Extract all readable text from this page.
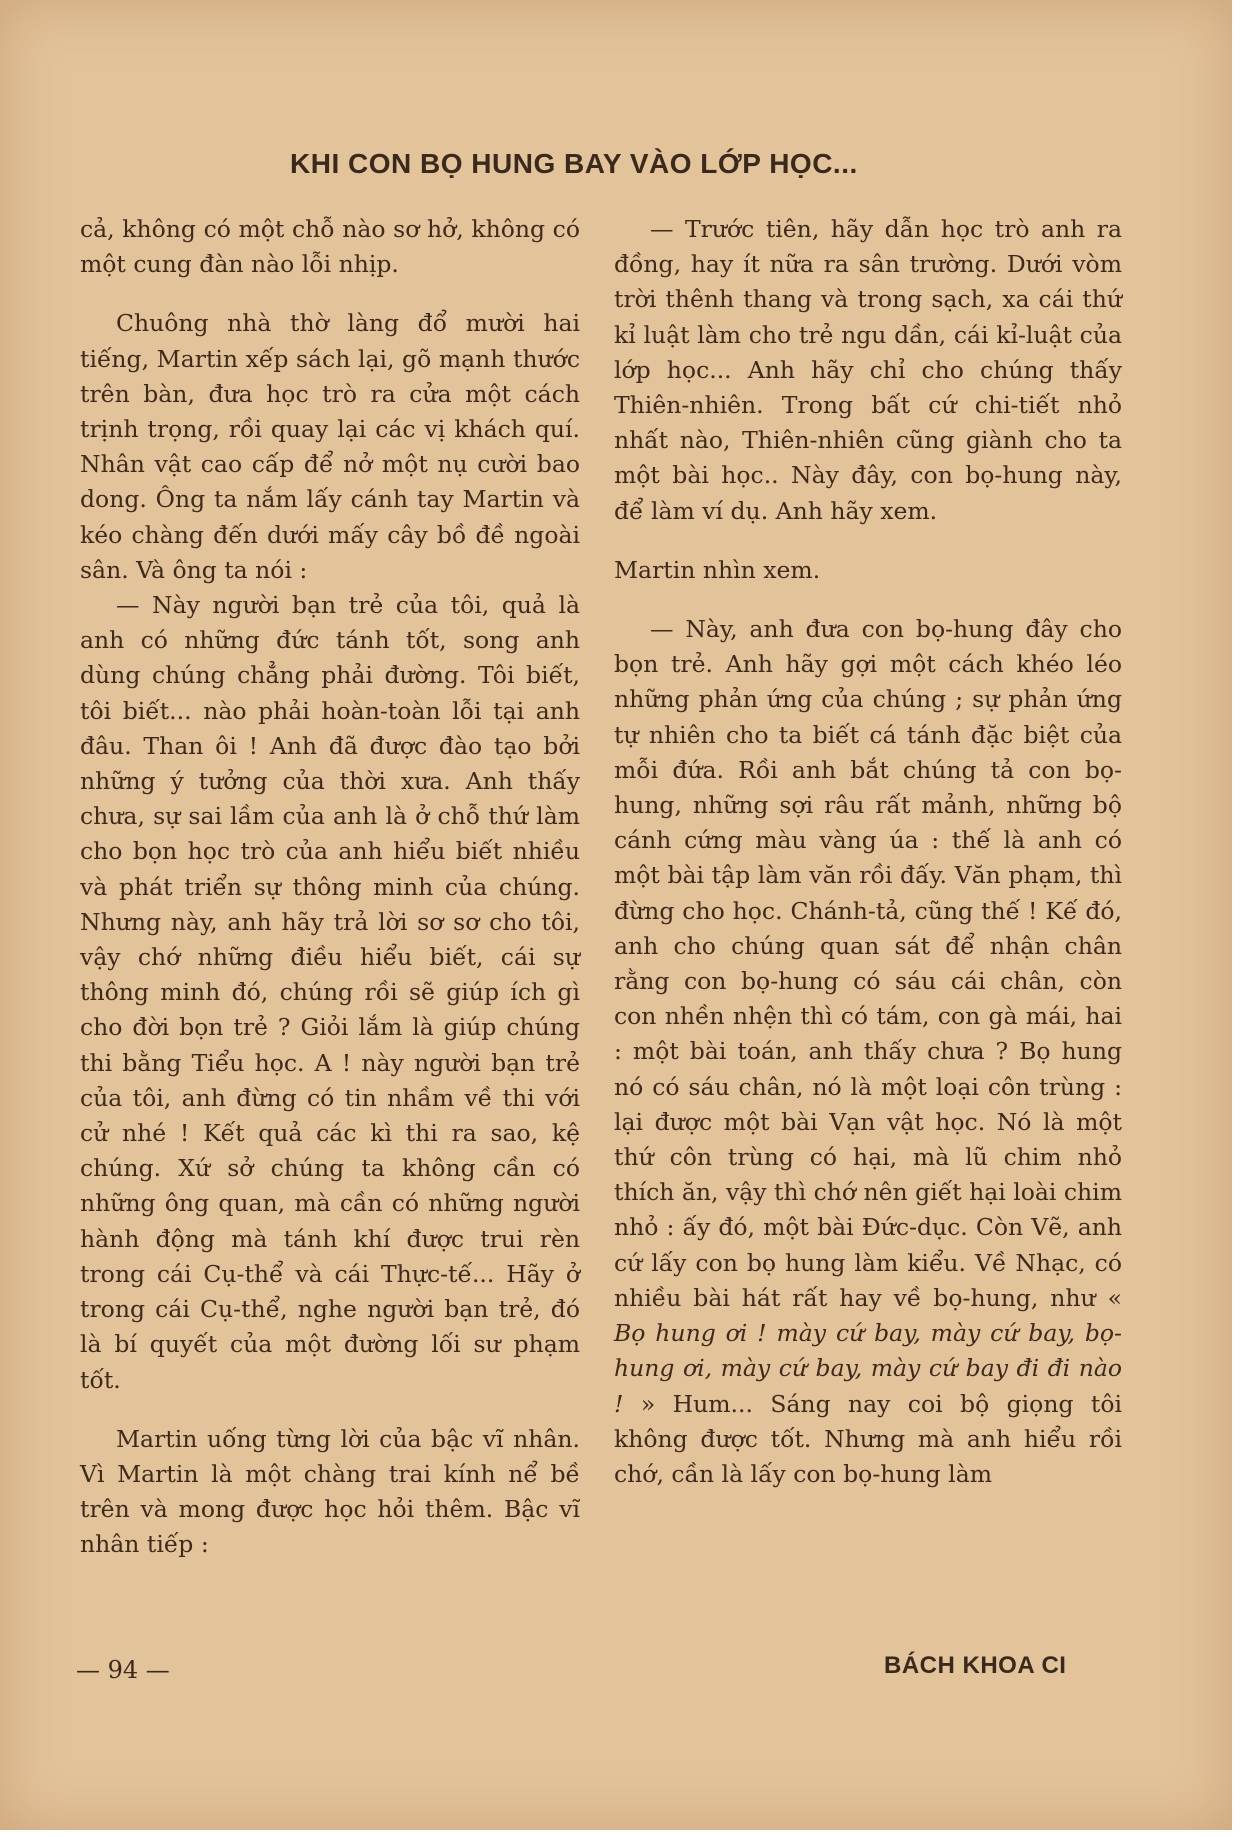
KHI CON BỌ HUNG BAY VÀO LỚP HỌC...

cả, không có một chỗ nào sơ hở, không có một cung đàn nào lỗi nhịp.

Chuông nhà thờ làng đổ mười hai tiếng, Martin xếp sách lại, gõ mạnh thước trên bàn, đưa học trò ra cửa một cách trịnh trọng, rồi quay lại các vị khách quí. Nhân vật cao cấp để nở một nụ cười bao dong. Ông ta nắm lấy cánh tay Martin và kéo chàng đến dưới mấy cây bồ đề ngoài sân. Và ông ta nói :

— Này người bạn trẻ của tôi, quả là anh có những đức tánh tốt, song anh dùng chúng chẳng phải đường. Tôi biết, tôi biết... nào phải hoàn-toàn lỗi tại anh đâu. Than ôi ! Anh đã được đào tạo bởi những ý tưởng của thời xưa. Anh thấy chưa, sự sai lầm của anh là ở chỗ thứ làm cho bọn học trò của anh hiểu biết nhiều và phát triển sự thông minh của chúng. Nhưng này, anh hãy trả lời sơ sơ cho tôi, vậy chớ những điều hiểu biết, cái sự thông minh đó, chúng rồi sẽ giúp ích gì cho đời bọn trẻ ? Giỏi lắm là giúp chúng thi bằng Tiểu học. A ! này người bạn trẻ của tôi, anh đừng có tin nhầm về thi với cử nhé ! Kết quả các kì thi ra sao, kệ chúng. Xứ sở chúng ta không cần có những ông quan, mà cần có những người hành động mà tánh khí được trui rèn trong cái Cụ-thể và cái Thực-tế... Hãy ở trong cái Cụ-thể, nghe người bạn trẻ, đó là bí quyết của một đường lối sư phạm tốt.

Martin uống từng lời của bậc vĩ nhân. Vì Martin là một chàng trai kính nể bề trên và mong được học hỏi thêm. Bậc vĩ nhân tiếp :

— Trước tiên, hãy dẫn học trò anh ra đồng, hay ít nữa ra sân trường. Dưới vòm trời thênh thang và trong sạch, xa cái thứ kỉ luật làm cho trẻ ngu dần, cái kỉ-luật của lớp học... Anh hãy chỉ cho chúng thấy Thiên-nhiên. Trong bất cứ chi-tiết nhỏ nhất nào, Thiên-nhiên cũng giành cho ta một bài học.. Này đây, con bọ-hung này, để làm ví dụ. Anh hãy xem.

Martin nhìn xem.

— Này, anh đưa con bọ-hung đây cho bọn trẻ. Anh hãy gợi một cách khéo léo những phản ứng của chúng ; sự phản ứng tự nhiên cho ta biết cá tánh đặc biệt của mỗi đứa. Rồi anh bắt chúng tả con bọ-hung, những sợi râu rất mảnh, những bộ cánh cứng màu vàng úa : thế là anh có một bài tập làm văn rồi đấy. Văn phạm, thì đừng cho học. Chánh-tả, cũng thế ! Kế đó, anh cho chúng quan sát để nhận chân rằng con bọ-hung có sáu cái chân, còn con nhền nhện thì có tám, con gà mái, hai : một bài toán, anh thấy chưa ? Bọ hung nó có sáu chân, nó là một loại côn trùng : lại được một bài Vạn vật học. Nó là một thứ côn trùng có hại, mà lũ chim nhỏ thích ăn, vậy thì chớ nên giết hại loài chim nhỏ : ấy đó, một bài Đức-dục. Còn Vẽ, anh cứ lấy con bọ hung làm kiểu. Về Nhạc, có nhiều bài hát rất hay về bọ-hung, như « Bọ hung ơi ! mày cứ bay, mày cứ bay, bọ-hung ơi, mày cứ bay, mày cứ bay đi đi nào ! » Hum... Sáng nay coi bộ giọng tôi không được tốt. Nhưng mà anh hiểu rồi chớ, cần là lấy con bọ-hung làm

— 94 —	BÁCH KHOA CI
